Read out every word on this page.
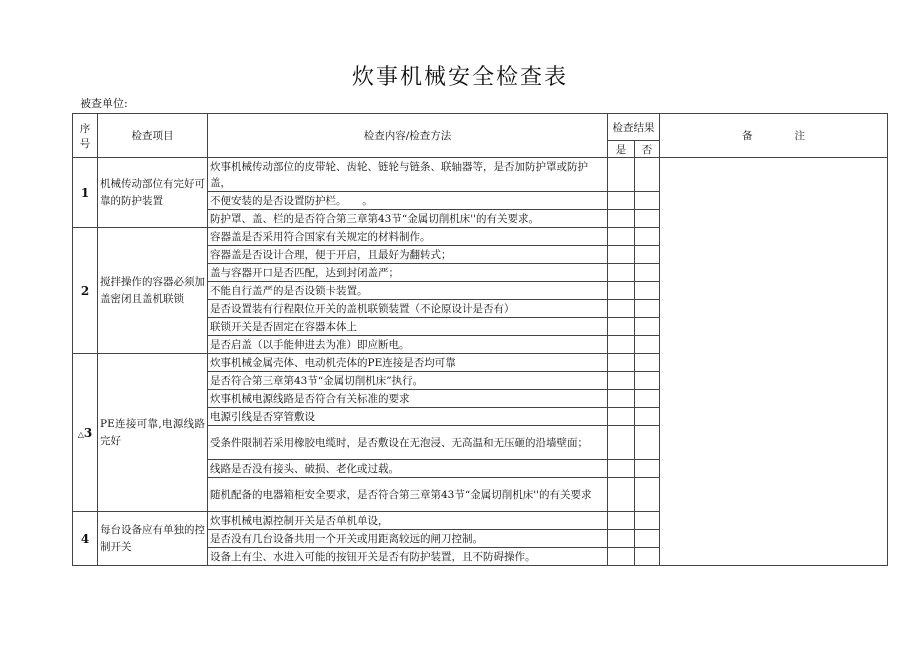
炊事机械安全检查表
被查单位:
序号	检查项目	检查内容/检查方法	检查结果		备　　　　注
			是	否	
1	机械传动部位有完好可靠的防护装置	炊事机械传动部位的皮带轮、齿轮、链轮与链条、联轴器等，是否加防护罩或防护盖，			
		不便安装的是否设置防护栏。　　。			
		防护罩、盖、栏的是否符合第三章第43节“金属切削机床''的有关要求。			
2	搅拌操作的容器必须加盖密闭且盖机联锁	容器盖是否采用符合国家有关规定的材料制作。			
		容器盖是否设计合理，便于开启，且最好为翻转式；			
		盖与容器开口是否匹配，达到封闭盖严；			
		不能自行盖严的是否设锁卡装置。			
		是否设置装有行程限位开关的盖机联锁装置（不论原设计是否有）			
		联锁开关是否固定在容器本体上			
		是否启盖（以手能伸进去为准）即应断电。			
△3	PE连接可靠,电源线路完好	炊事机械金属壳体、电动机壳体的PE连接是否均可靠			
		是否符合第三章第43节“金属切削机床”执行。			
		炊事机械电源线路是否符合有关标准的要求			
		电源引线是否穿管敷设			
		受条件限制若采用橡胶电缆时，是否敷设在无泡浸、无高温和无压砸的沿墙壁面；			
		线路是否没有接头、破损、老化或过载。			
		随机配备的电器箱柜安全要求，是否符合第三章第43节“金属切削机床''的有关要求			
4	每台设备应有单独的控制开关	炊事机械电源控制开关是否单机单设，			
		是否没有几台设备共用一个开关或用距离较远的闸刀控制。			
		设备上有尘、水进入可能的按钮开关是否有防护装置，且不防碍操作。			
